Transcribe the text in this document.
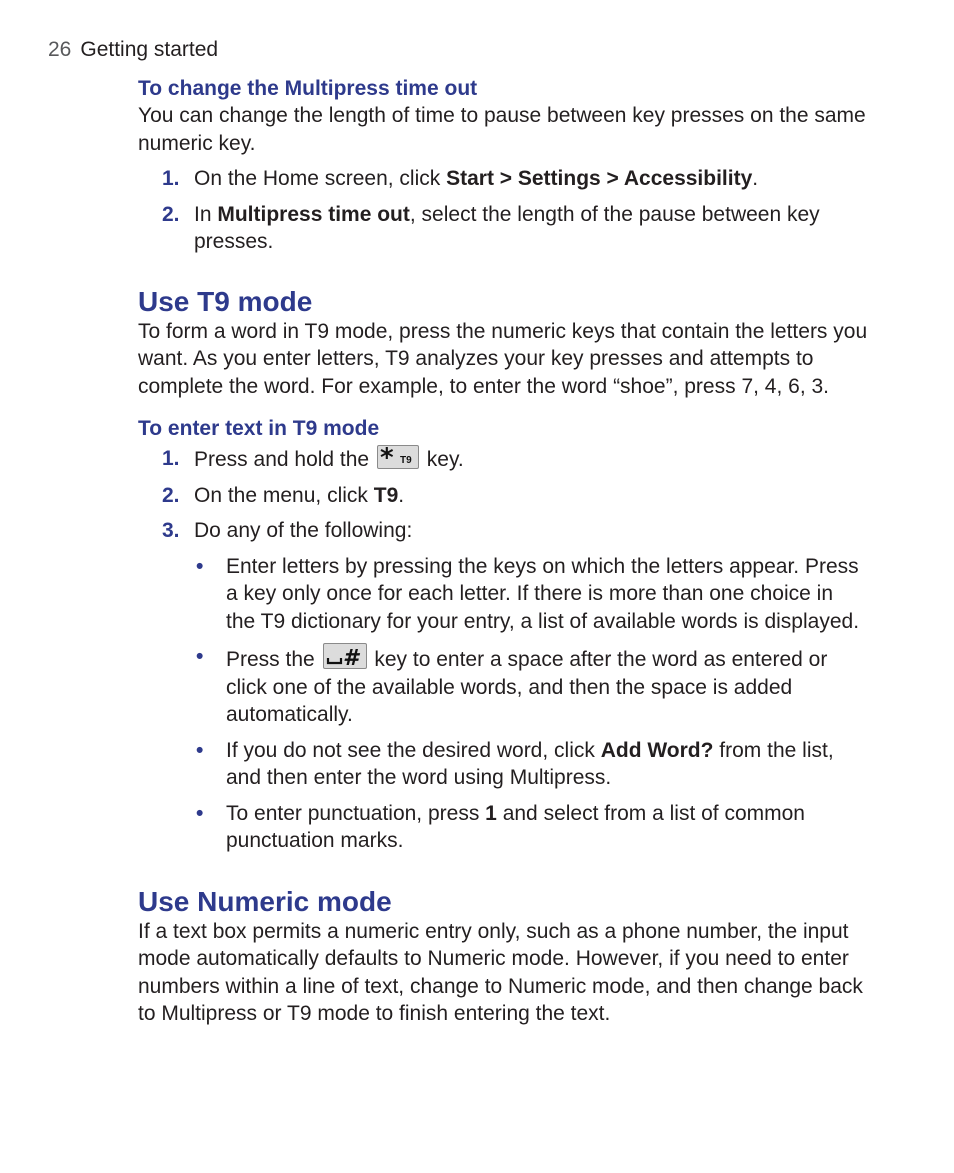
26 Getting started

To change the Multipress time out

You can change the length of time to pause between key presses on the same numeric key.

1. On the Home screen, click Start > Settings > Accessibility.
2. In Multipress time out, select the length of the pause between key presses.
Use T9 mode

To form a word in T9 mode, press the numeric keys that contain the letters you want. As you enter letters, T9 analyzes your key presses and attempts to complete the word. For example, to enter the word “shoe”, press 7, 4, 6, 3.

To enter text in T9 mode

1. Press and hold the * T9 key.
2. On the menu, click T9.
3. Do any of the following:
• Enter letters by pressing the keys on which the letters appear. Press a key only once for each letter. If there is more than one choice in the T9 dictionary for your entry, a list of available words is displayed.
• Press the # key to enter a space after the word as entered or click one of the available words, and then the space is added automatically.
• If you do not see the desired word, click Add Word? from the list, and then enter the word using Multipress.
• To enter punctuation, press 1 and select from a list of common punctuation marks.
Use Numeric mode

If a text box permits a numeric entry only, such as a phone number, the input mode automatically defaults to Numeric mode. However, if you need to enter numbers within a line of text, change to Numeric mode, and then change back to Multipress or T9 mode to finish entering the text.
